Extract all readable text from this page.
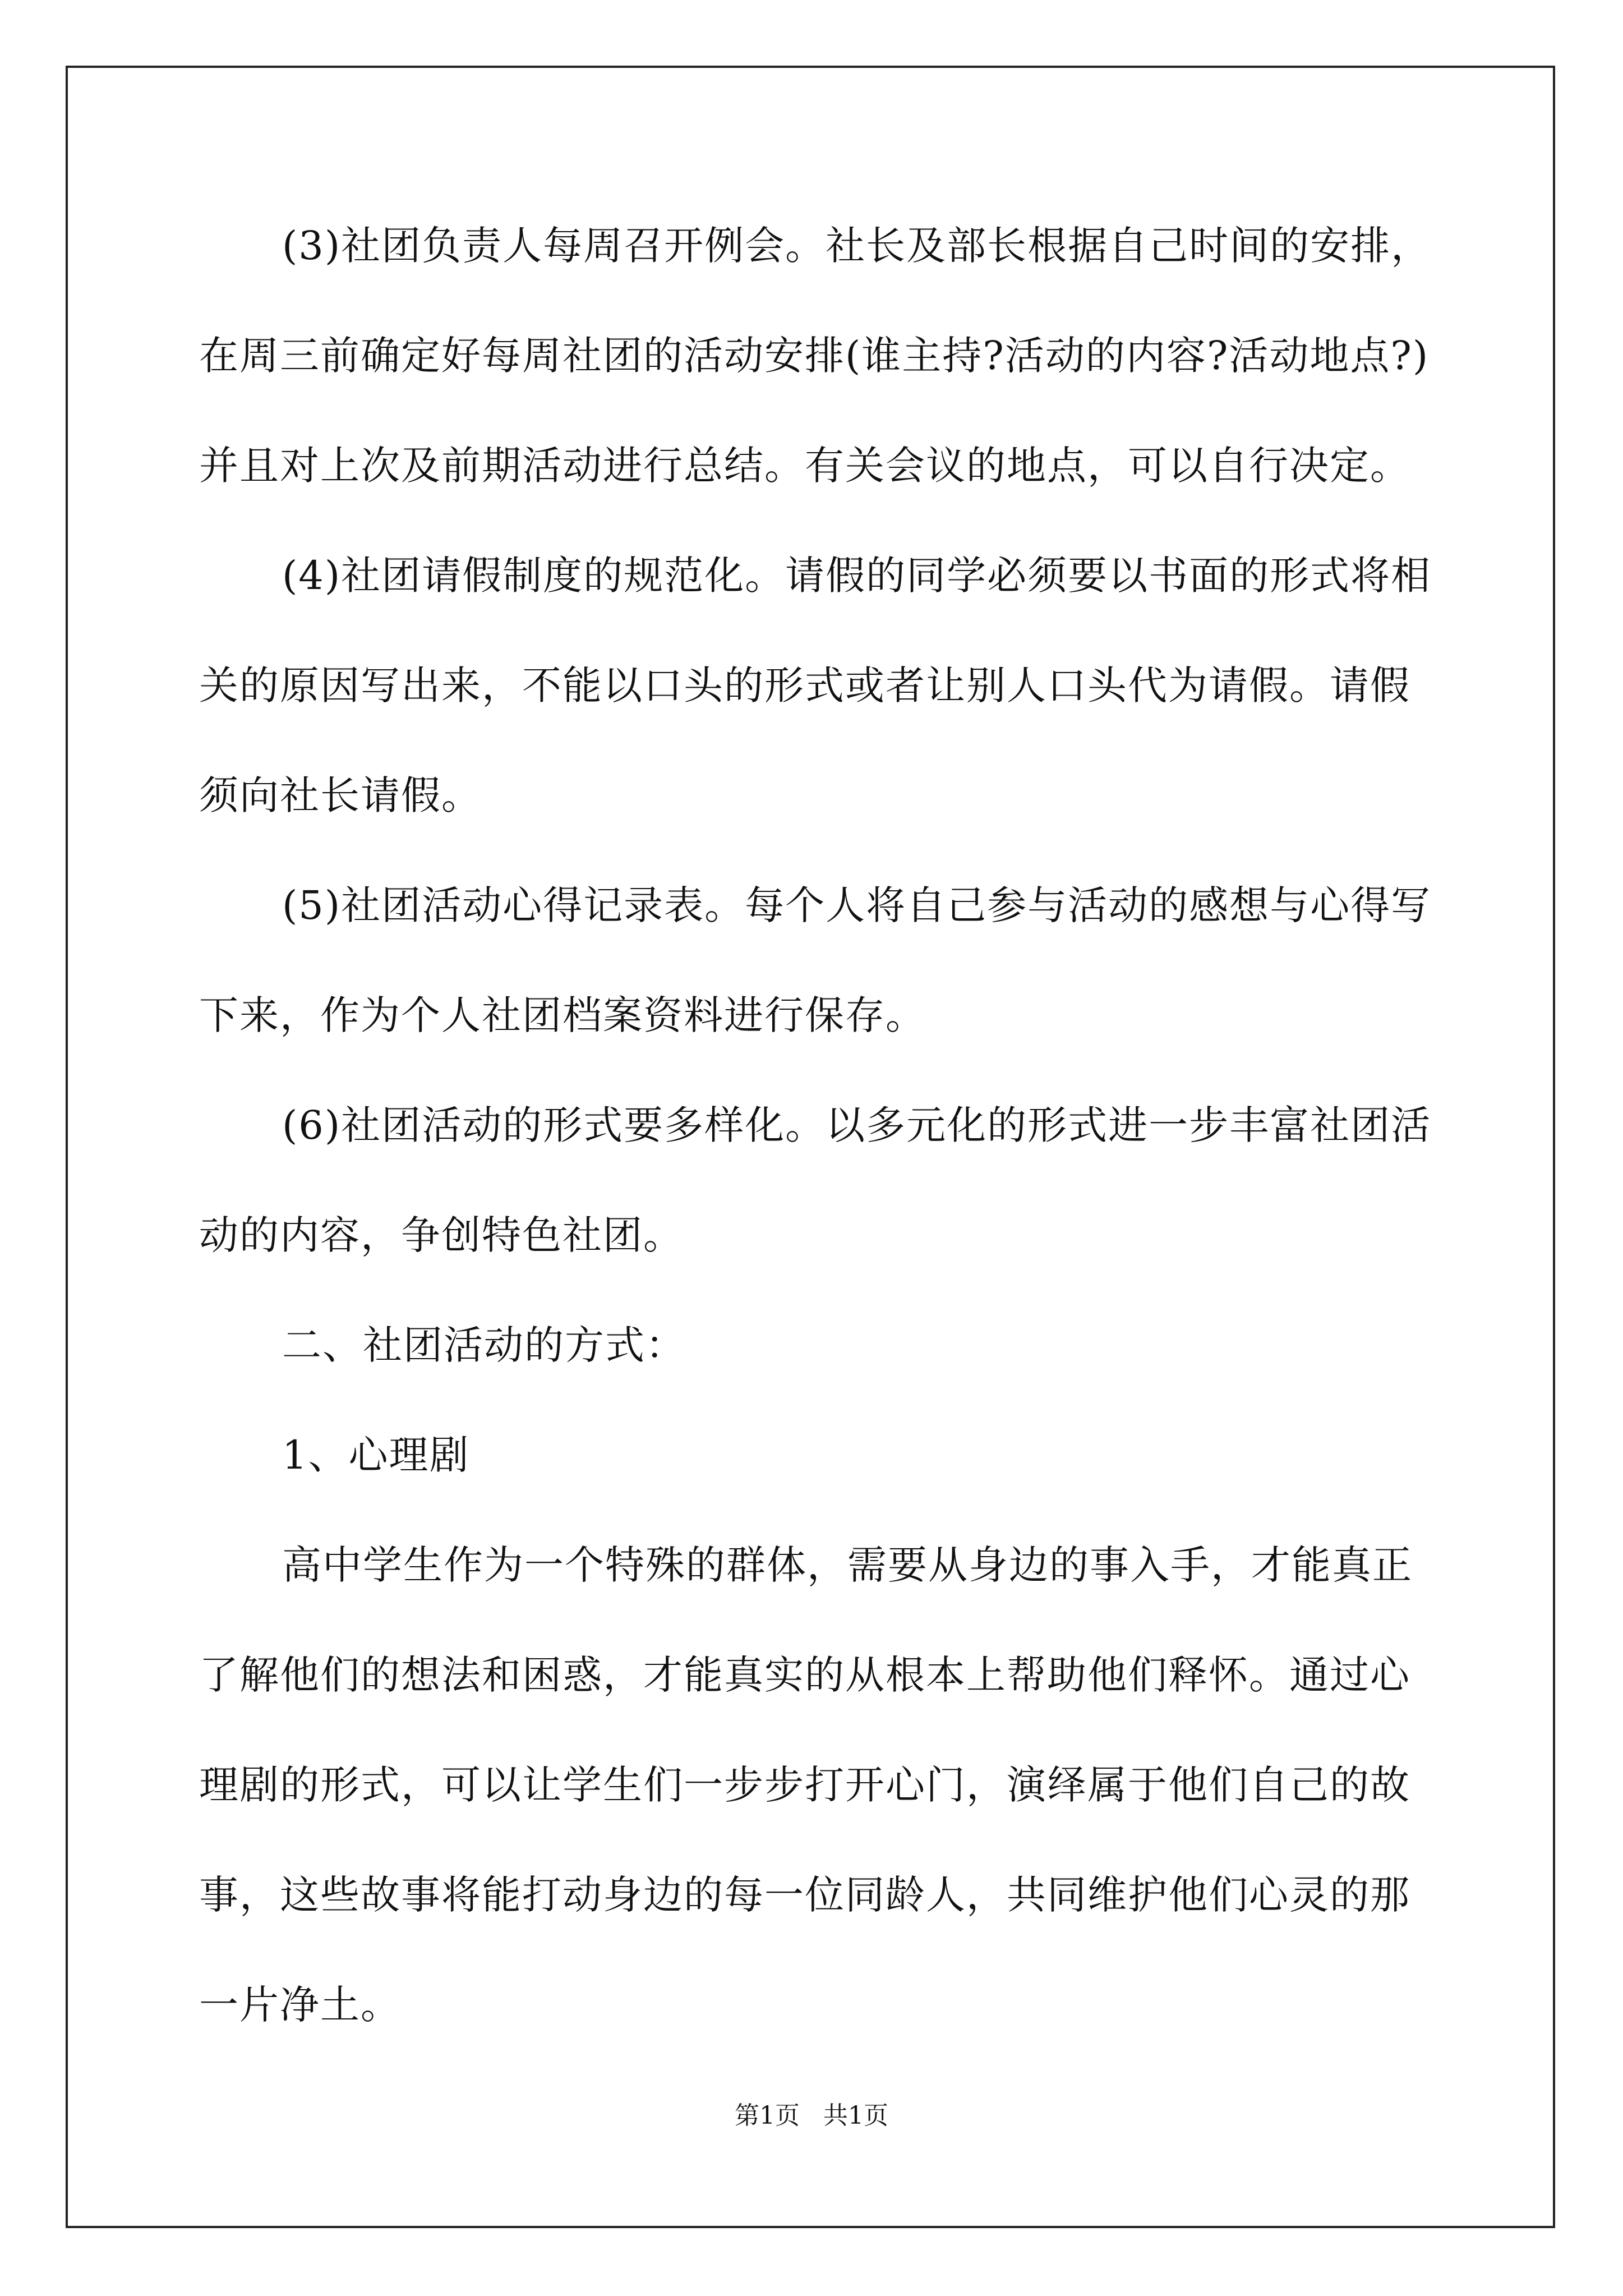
(3)社团负责人每周召开例会。社长及部长根据自己时间的安排，
在周三前确定好每周社团的活动安排(谁主持?活动的内容?活动地点?)
并且对上次及前期活动进行总结。有关会议的地点，可以自行决定。
(4)社团请假制度的规范化。请假的同学必须要以书面的形式将相
关的原因写出来，不能以口头的形式或者让别人口头代为请假。请假
须向社长请假。
(5)社团活动心得记录表。每个人将自己参与活动的感想与心得写
下来，作为个人社团档案资料进行保存。
(6)社团活动的形式要多样化。以多元化的形式进一步丰富社团活
动的内容，争创特色社团。
二、社团活动的方式：
1、心理剧
高中学生作为一个特殊的群体，需要从身边的事入手，才能真正
了解他们的想法和困惑，才能真实的从根本上帮助他们释怀。通过心
理剧的形式，可以让学生们一步步打开心门，演绎属于他们自己的故
事，这些故事将能打动身边的每一位同龄人，共同维护他们心灵的那
一片净土。
第1页 共1页
